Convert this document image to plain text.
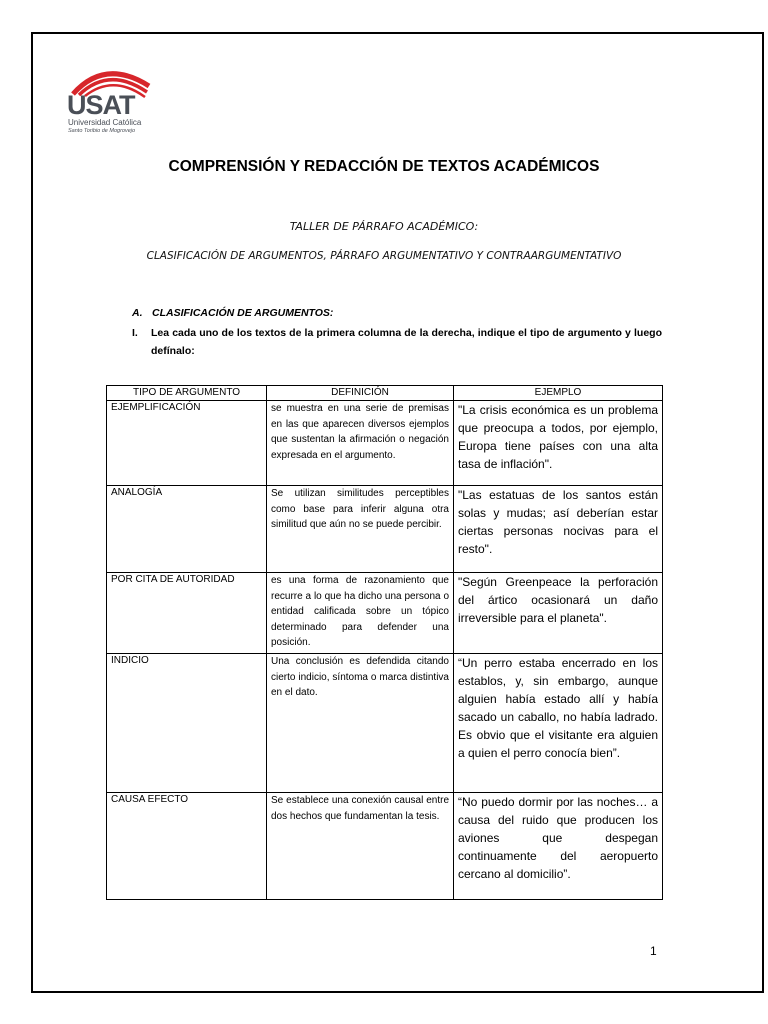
USAT
Universidad Católica
Santo Toribio de Mogrovejo
COMPRENSIÓN Y REDACCIÓN DE TEXTOS ACADÉMICOS
TALLER DE PÁRRAFO ACADÉMICO:
CLASIFICACIÓN DE ARGUMENTOS, PÁRRAFO ARGUMENTATIVO Y CONTRAARGUMENTATIVO
A. CLASIFICACIÓN DE ARGUMENTOS:
I. Lea cada uno de los textos de la primera columna de la derecha, indique el tipo de argumento y luego defínalo:
TIPO DE ARGUMENTO	DEFINICIÓN	EJEMPLO
EJEMPLIFICACIÓN	se muestra en una serie de premisas en las que aparecen diversos ejemplos que sustentan la afirmación o negación expresada en el argumento.	"La crisis económica es un problema que preocupa a todos, por ejemplo, Europa tiene países con una alta tasa de inflación".
ANALOGÍA	Se utilizan similitudes perceptibles como base para inferir alguna otra similitud que aún no se puede percibir.	"Las estatuas de los santos están solas y mudas; así deberían estar ciertas personas nocivas para el resto".
POR CITA DE AUTORIDAD	es una forma de razonamiento que recurre a lo que ha dicho una persona o entidad calificada sobre un tópico determinado para defender una posición.	"Según Greenpeace la perforación del ártico ocasionará un daño irreversible para el planeta".
INDICIO	Una conclusión es defendida citando cierto indicio, síntoma o marca distintiva en el dato.	“Un perro estaba encerrado en los establos, y, sin embargo, aunque alguien había estado allí y había sacado un caballo, no había ladrado. Es obvio que el visitante era alguien a quien el perro conocía bien”.
CAUSA EFECTO	Se establece una conexión causal entre dos hechos que fundamentan la tesis.	“No puedo dormir por las noches… a causa del ruido que producen los aviones que despegan continuamente del aeropuerto cercano al domicilio”.
1
